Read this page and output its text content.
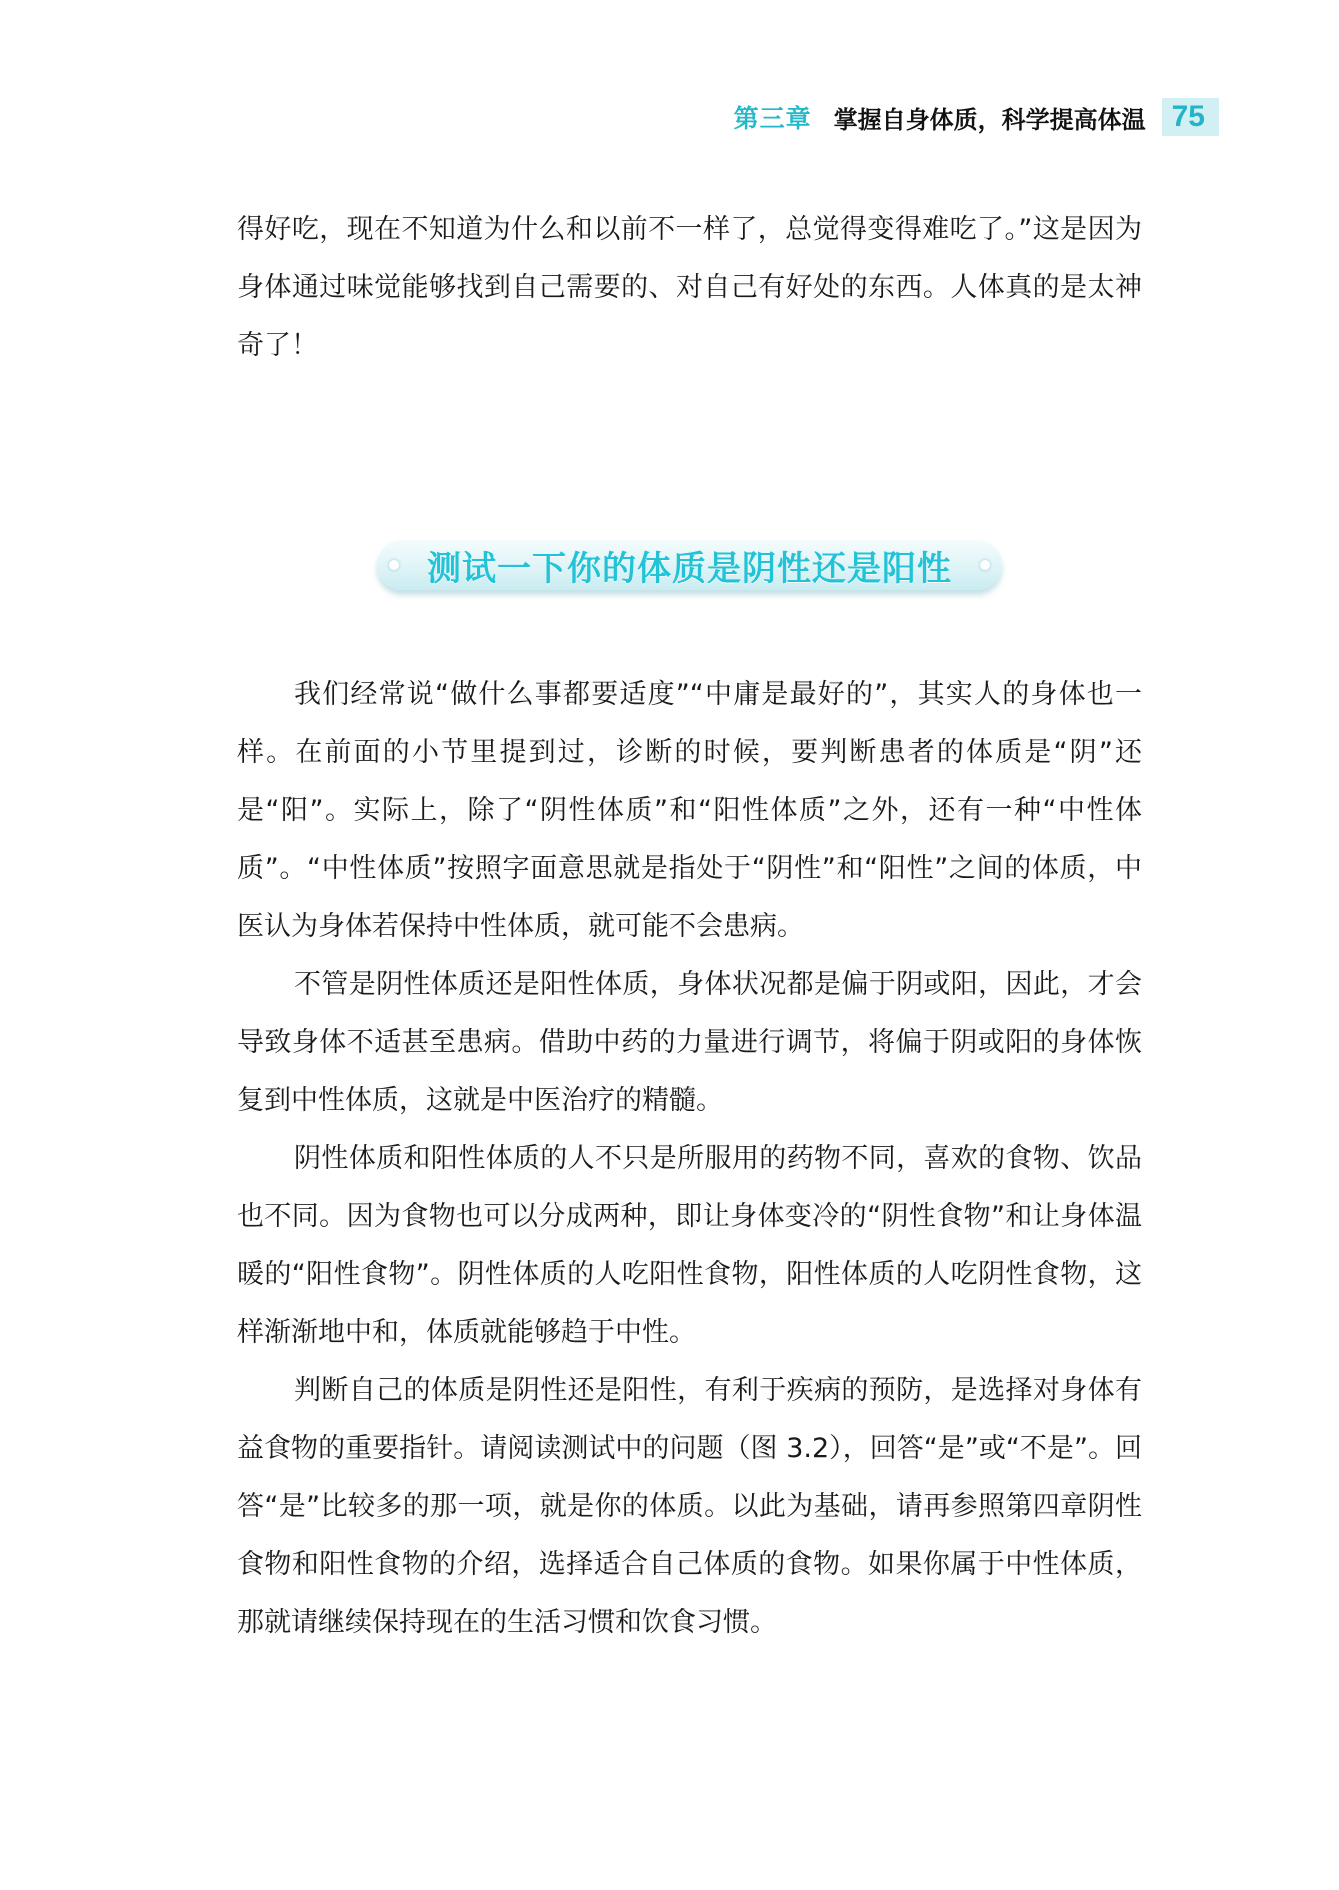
第三章 掌握自身体质，科学提高体温 75

得好吃，现在不知道为什么和以前不一样了，总觉得变得难吃了。”这是因为身体通过味觉能够找到自己需要的、对自己有好处的东西。人体真的是太神奇了！

测试一下你的体质是阴性还是阳性

我们经常说“做什么事都要适度”“中庸是最好的”，其实人的身体也一样。在前面的小节里提到过，诊断的时候，要判断患者的体质是“阴”还是“阳”。实际上，除了“阴性体质”和“阳性体质”之外，还有一种“中性体质”。“中性体质”按照字面意思就是指处于“阴性”和“阳性”之间的体质，中医认为身体若保持中性体质，就可能不会患病。

不管是阴性体质还是阳性体质，身体状况都是偏于阴或阳，因此，才会导致身体不适甚至患病。借助中药的力量进行调节，将偏于阴或阳的身体恢复到中性体质，这就是中医治疗的精髓。

阴性体质和阳性体质的人不只是所服用的药物不同，喜欢的食物、饮品也不同。因为食物也可以分成两种，即让身体变冷的“阴性食物”和让身体温暖的“阳性食物”。阴性体质的人吃阳性食物，阳性体质的人吃阴性食物，这样渐渐地中和，体质就能够趋于中性。

判断自己的体质是阴性还是阳性，有利于疾病的预防，是选择对身体有益食物的重要指针。请阅读测试中的问题（图 3.2），回答“是”或“不是”。回答“是”比较多的那一项，就是你的体质。以此为基础，请再参照第四章阴性食物和阳性食物的介绍，选择适合自己体质的食物。如果你属于中性体质，那就请继续保持现在的生活习惯和饮食习惯。
